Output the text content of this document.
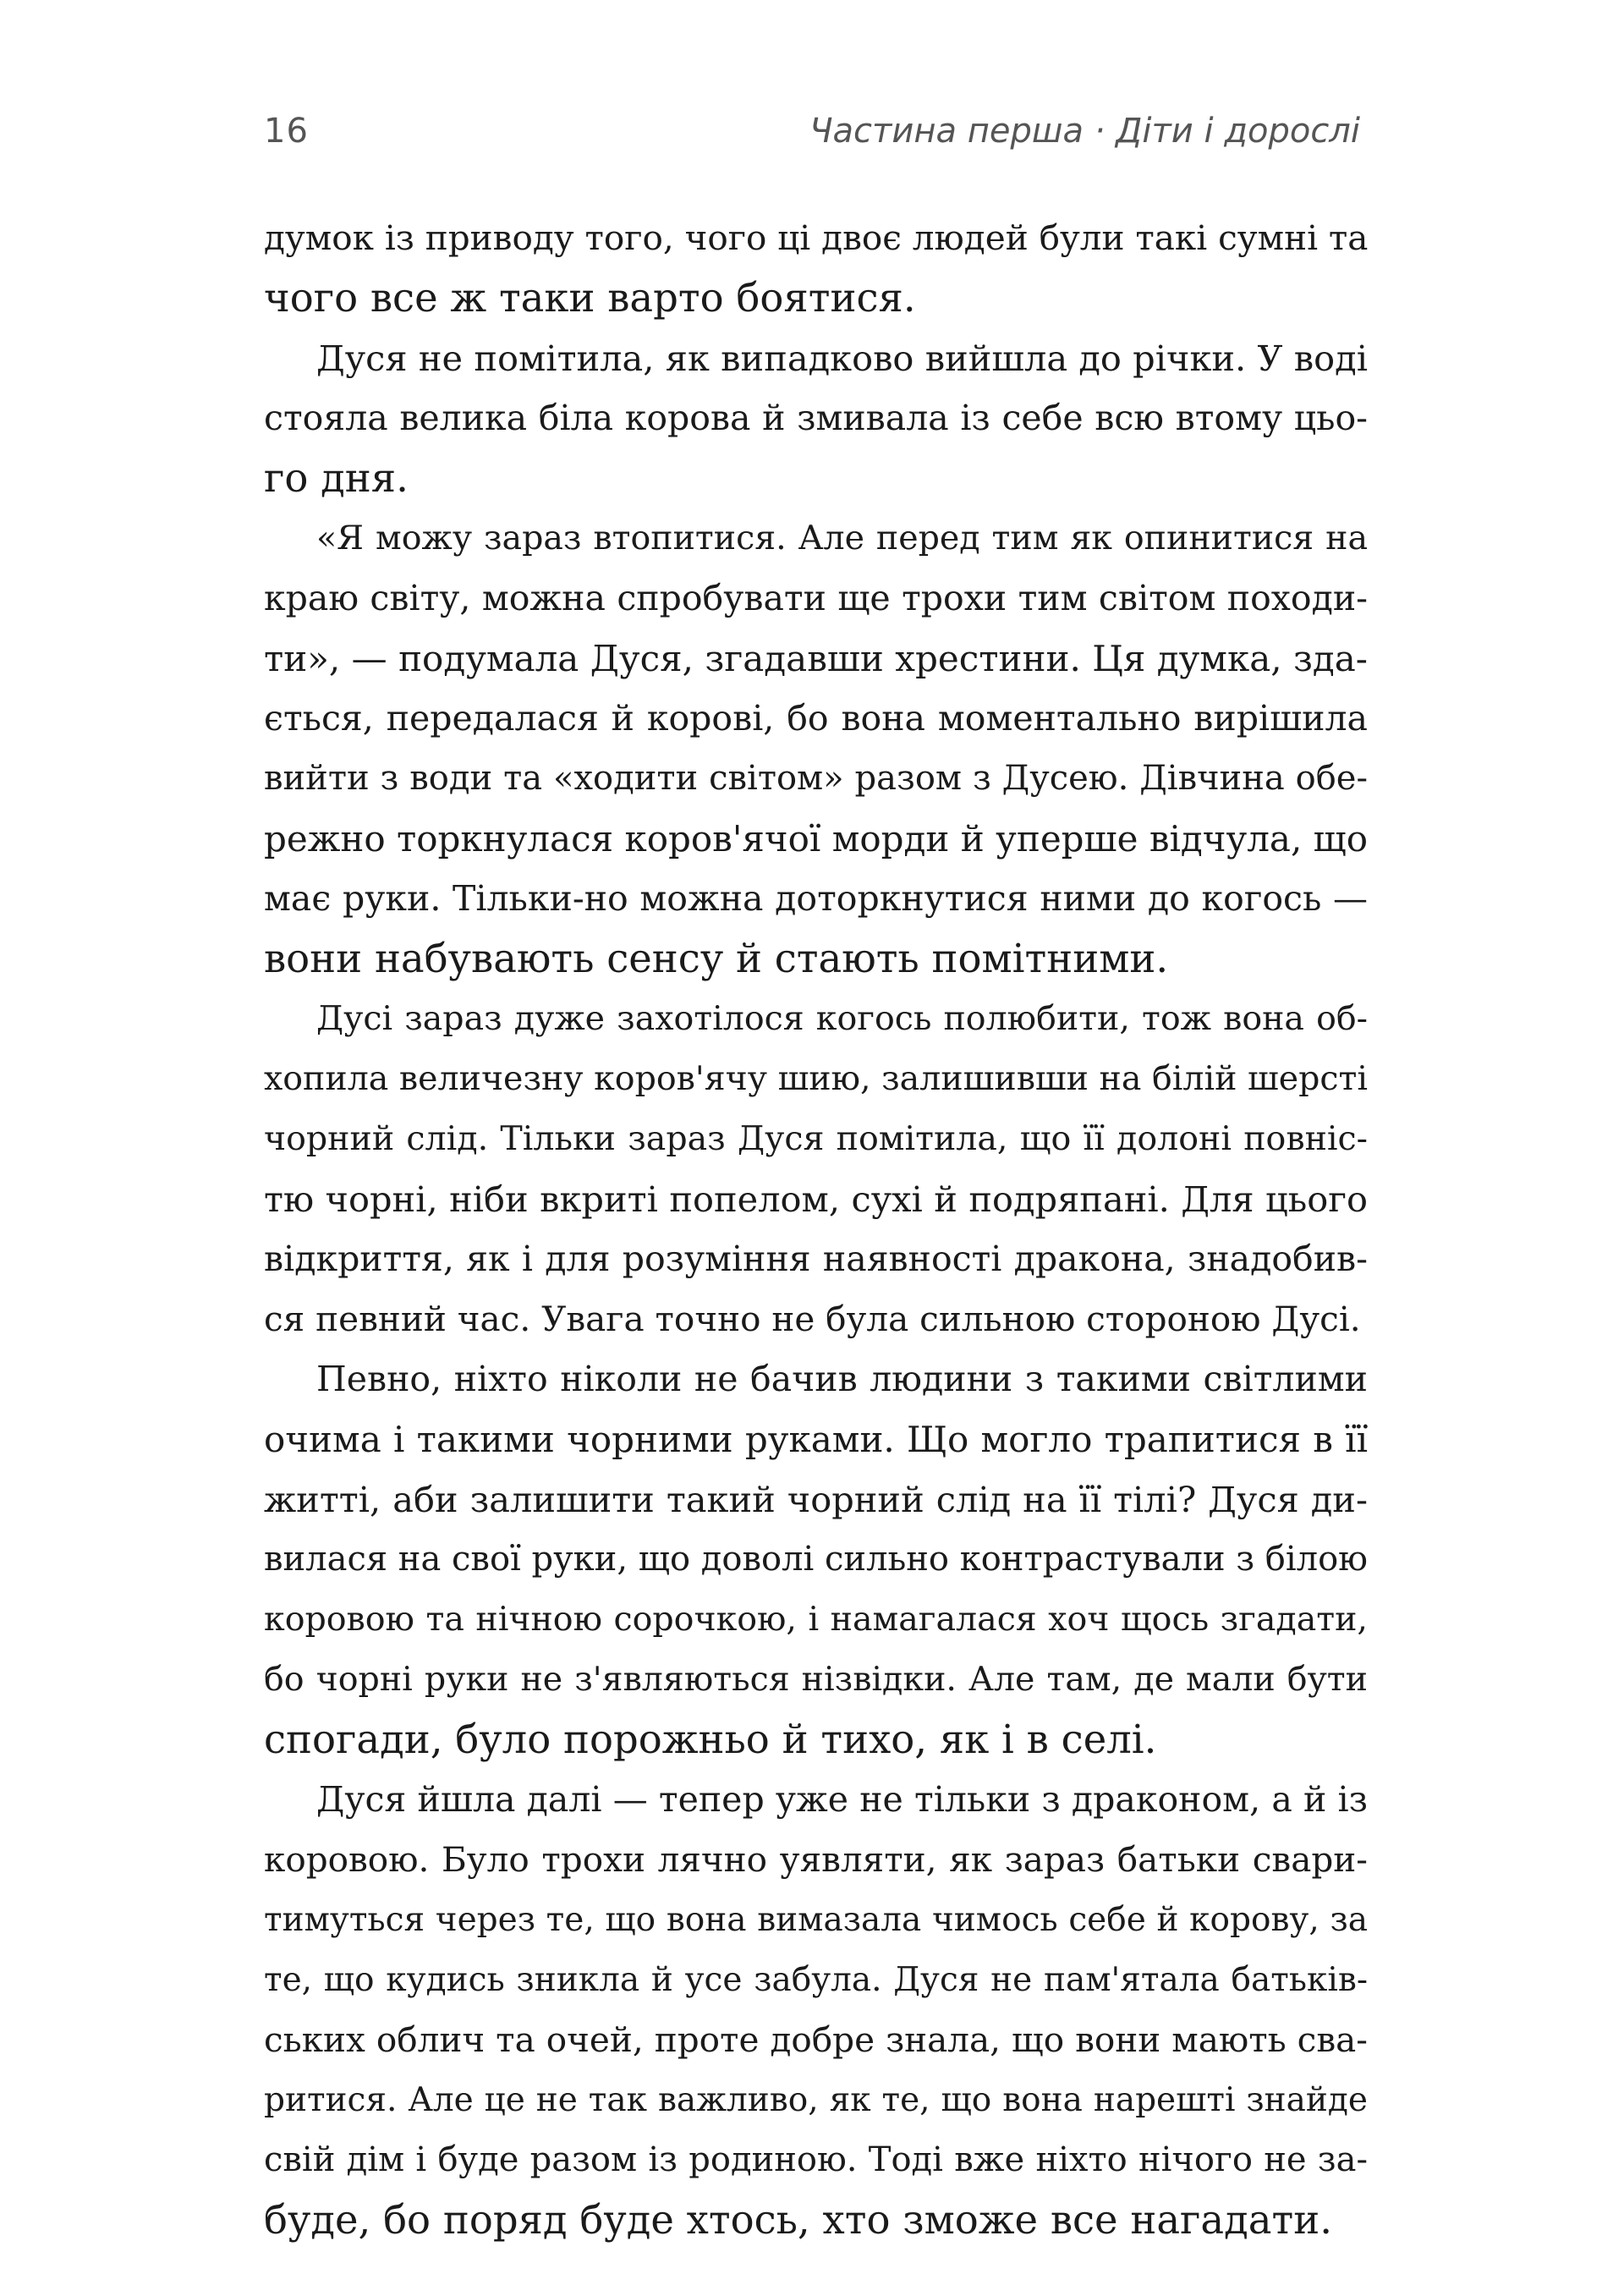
16	Частина перша · Діти і дорослі
думок із приводу того, чого ці двоє людей були такі сумні та
чого все ж таки варто боятися.
Дуся не помітила, як випадково вийшла до річки. У воді
стояла велика біла корова й змивала із себе всю втому цьо-
го дня.
«Я можу зараз втопитися. Але перед тим як опинитися на
краю світу, можна спробувати ще трохи тим світом походи-
ти», — подумала Дуся, згадавши хрестини. Ця думка, зда-
ється, передалася й корові, бо вона моментально вирішила
вийти з води та «ходити світом» разом з Дусею. Дівчина обе-
режно торкнулася коров'ячої морди й уперше відчула, що
має руки. Тільки-но можна доторкнутися ними до когось —
вони набувають сенсу й стають помітними.
Дусі зараз дуже захотілося когось полюбити, тож вона об-
хопила величезну коров'ячу шию, залишивши на білій шерсті
чорний слід. Тільки зараз Дуся помітила, що її долоні повніс-
тю чорні, ніби вкриті попелом, сухі й подряпані. Для цього
відкриття, як і для розуміння наявності дракона, знадобив-
ся певний час. Увага точно не була сильною стороною Дусі.
Певно, ніхто ніколи не бачив людини з такими світлими
очима і такими чорними руками. Що могло трапитися в її
житті, аби залишити такий чорний слід на її тілі? Дуся ди-
вилася на свої руки, що доволі сильно контрастували з білою
коровою та нічною сорочкою, і намагалася хоч щось згадати,
бо чорні руки не з'являються нізвідки. Але там, де мали бути
спогади, було порожньо й тихо, як і в селі.
Дуся йшла далі — тепер уже не тільки з драконом, а й із
коровою. Було трохи лячно уявляти, як зараз батьки свари-
тимуться через те, що вона вимазала чимось себе й корову, за
те, що кудись зникла й усе забула. Дуся не пам'ятала батьків-
ських облич та очей, проте добре знала, що вони мають сва-
ритися. Але це не так важливо, як те, що вона нарешті знайде
свій дім і буде разом із родиною. Тоді вже ніхто нічого не за-
буде, бо поряд буде хтось, хто зможе все нагадати.
